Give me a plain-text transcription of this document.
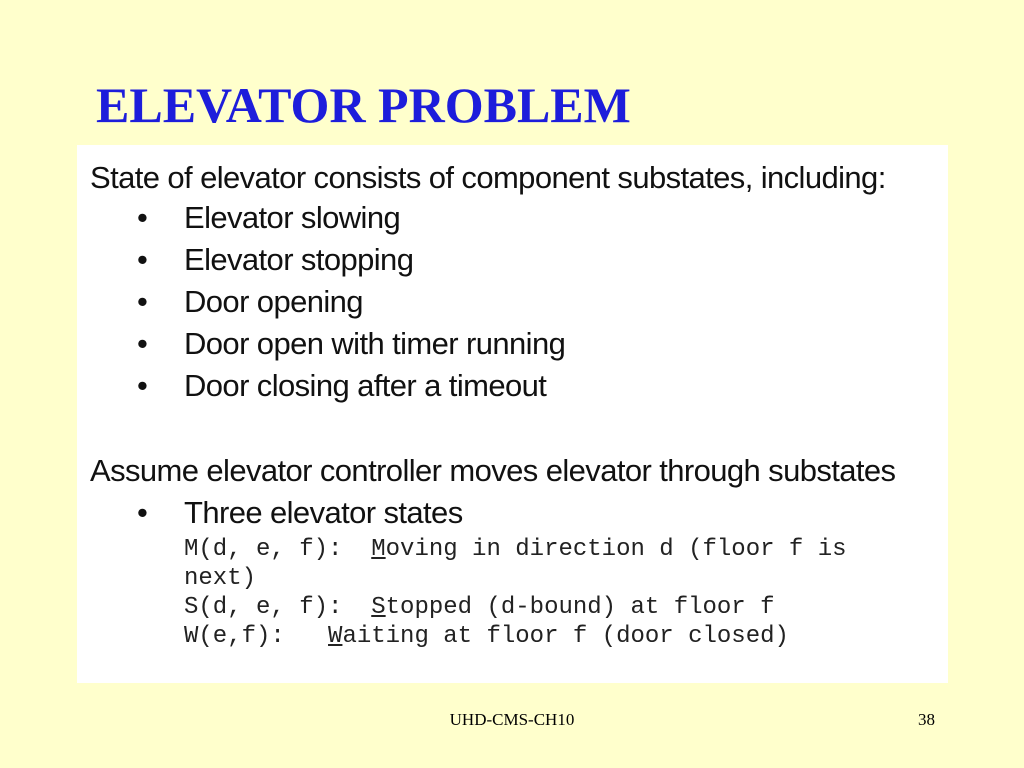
ELEVATOR PROBLEM
State of elevator consists of component substates, including:
• Elevator slowing
• Elevator stopping
• Door opening
• Door open with timer running
• Door closing after a timeout
Assume elevator controller moves elevator through substates
• Three elevator states
M(d, e, f):  Moving in direction d (floor f is
next)
S(d, e, f):  Stopped (d-bound) at floor f
W(e,f):   Waiting at floor f (door closed)
UHD-CMS-CH10	38
